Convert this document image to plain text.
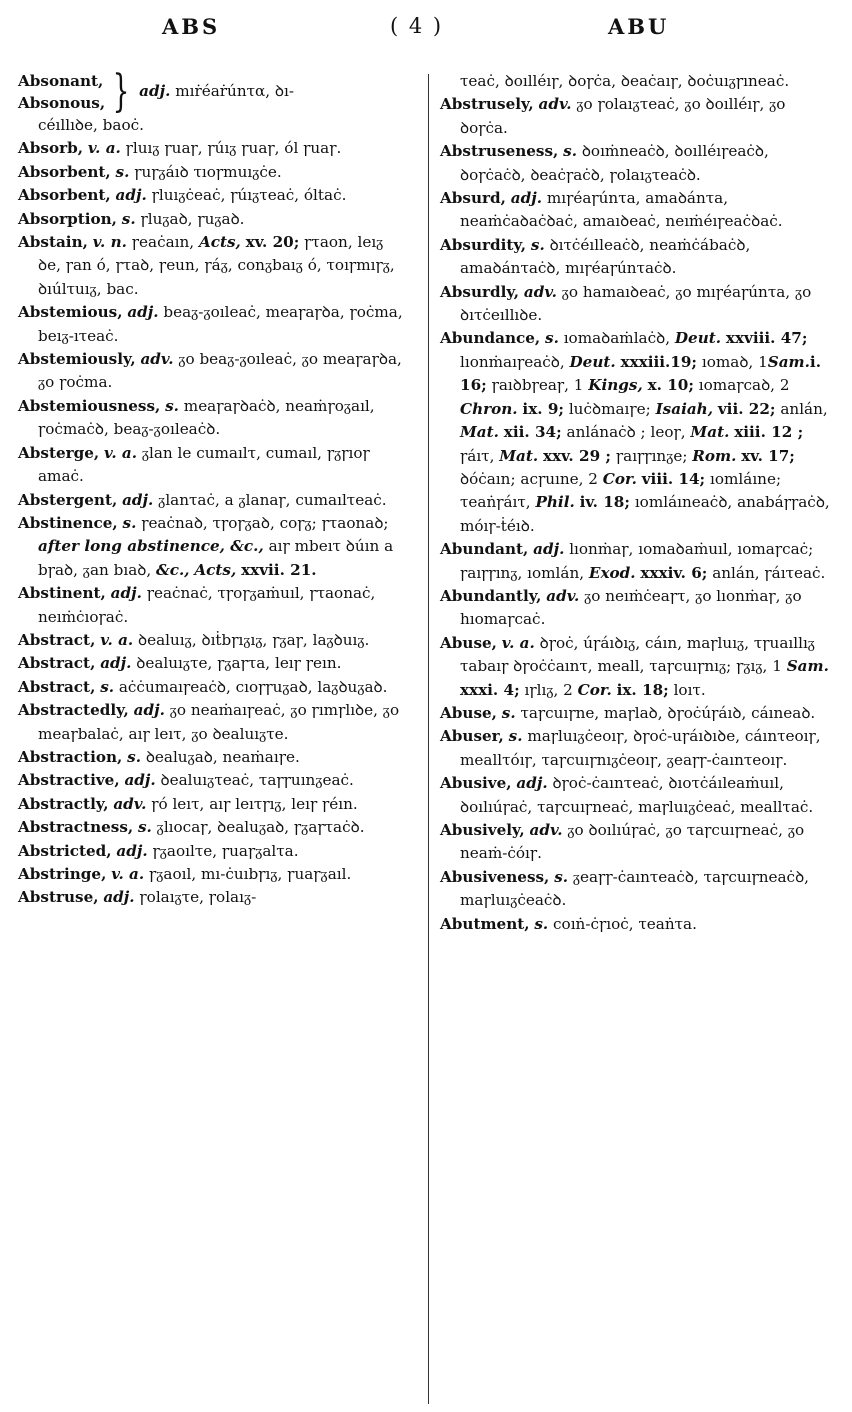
ABS	( 4 )	ABU

Absonant,
Absonous, } adj.
mıṙéaṙúnτα, ꝺı-
céıllıꝺe, baoċ.

Absorb, v. a. ꞅluıᵹ ꞅuaꞅ, ꞅúıᵹ ꞅuaꞅ, ól ꞅuaꞅ.

Absorbent, s. ꞅuꞅᵹáıꝺ τıoꞅmuıᵹċe.

Absorbent, adj. ꞅluıᵹċeaċ, ꞅúıᵹτeaċ, óltaċ.

Absorption, s. ꞅluᵹaꝺ, ꞅuᵹaꝺ.

Abstain, v. n. ꞅeaċaın, Acts, xv. 20; ꞅτaon, leıᵹ ꝺe, ꞅan ó, ꞅτaꝺ, ꞅeun, ꞅáᵹ, conᵹbaıᵹ ó, τoıꞅmıꞅᵹ, ꝺıúlτuıᵹ, bac.

Abstemious, adj. beaᵹ-ᵹoıleaċ, meaꞅaꞅꝺa, ꞅoċma, beıᵹ-ıτeaċ.

Abstemiously, adv. ᵹo beaᵹ-ᵹoıleaċ, ᵹo meaꞅaꞅꝺa, ᵹo ꞅoċma.

Abstemiousness, s. meaꞅaꞅꝺaċꝺ, neaṁꞅoᵹaıl, ꞅoċmaċꝺ, beaᵹ-ᵹoıleaċꝺ.

Absterge, v. a. ᵹlan le cumaılτ, cumaıl, ꞅᵹꞅıoꞅ amaċ.

Abstergent, adj. ᵹlanτaċ, a ᵹlanaꞅ, cumaılτeaċ.

Abstinence, s. ꞅeaċnaꝺ, τꞅoꞅᵹaꝺ, coꞅᵹ; ꞅτaonaꝺ; after long abstinence, &c., aıꞅ mbeıτ ꝺúın a bꞅaꝺ, ᵹan bıaꝺ, &c., Acts, xxvii. 21.

Abstinent, adj. ꞅeaċnaċ, τꞅoꞅᵹaṁuıl, ꞅτaonaċ, neıṁċıoꞅaċ.

Abstract, v. a. ꝺealuıᵹ, ꝺıṫbꞅıᵹıᵹ, ꞅᵹaꞅ, laᵹꝺuıᵹ.

Abstract, adj. ꝺealuıᵹτe, ꞅᵹaꞅτa, leıꞅ ꞅeın.

Abstract, s. aċċumaıꞅeaċꝺ, cıoꞅꞅuᵹaꝺ, laᵹꝺuᵹaꝺ.

Abstractedly, adj. ᵹo neaṁaıꞅeaċ, ᵹo ꞅımꞅlıꝺe, ᵹo meaꞅbalaċ, aıꞅ leıτ, ᵹo ꝺealuıᵹτe.

Abstraction, s. ꝺealuᵹaꝺ, neaṁaıꞅe.

Abstractive, adj. ꝺealuıᵹτeaċ, τaꞅꞅuınᵹeaċ.

Abstractly, adv. ꞅó leıτ, aıꞅ leıτꞅıᵹ, leıꞅ ꞅéın.

Abstractness, s. ᵹlıocaꞅ, ꝺealuᵹaꝺ, ꞅᵹaꞅτaċꝺ.

Abstricted, adj. ꞅᵹaoılτe, ꞅuaꞅᵹalτa.

Abstringe, v. a. ꞅᵹaoıl, mı-ċuıbꞅıᵹ, ꞅuaꞅᵹaıl.

Abstruse, adj. ꞅolaıᵹτe, ꞅolaıᵹ-

τeaċ, ꝺoılléıꞅ, ꝺoꞅċa, ꝺeaċaıꞅ, ꝺoċuıᵹꞅıneaċ.

Abstrusely, adv. ᵹo ꞅolaıᵹτeaċ, ᵹo ꝺoılléıꞅ, ᵹo ꝺoꞅċa.

Abstruseness, s. ꝺoıṁneaċꝺ, ꝺoılléıꞅeaċꝺ, ꝺoꞅċaċꝺ, ꝺeaċꞅaċꝺ, ꞅolaıᵹτeaċꝺ.

Absurd, adj. mıꞅéaꞅúnτa, amaꝺánτa, neaṁċaꝺaċꝺaċ, amaıꝺeaċ, neıṁéıꞅeaċꝺaċ.

Absurdity, s. ꝺıτċéılleaċꝺ, neaṁċábaċꝺ, amaꝺánτaċꝺ, mıꞅéaꞅúnτaċꝺ.

Absurdly, adv. ᵹo hamaıꝺeaċ, ᵹo mıꞅéaꞅúnτa, ᵹo ꝺıτċeıllıꝺe.

Abundance, s. ıomaꝺaṁlaċꝺ, Deut. xxviii. 47; lıonṁaıꞅeaċꝺ, Deut. xxxiii.19; ıomaꝺ, 1Sam.i. 16; ꞅaıꝺbꞅeaꞅ, 1 Kings, x. 10; ıomaꞅcaꝺ, 2 Chron. ix. 9; luċꝺmaıꞅe; Isaiah, vii. 22; anlán, Mat. xii. 34; anlánaċꝺ ; leoꞅ, Mat. xiii. 12 ; ꞅáıτ, Mat. xxv. 29 ; ꞅaıꞅꞅınᵹe; Rom. xv. 17; ꝺóċaın; acꞅuıne, 2 Cor. viii. 14; ıomláıne; τeaṅꞅáıτ, Phil. iv. 18; ıomláıneaċꝺ, anabáꞅꞅaċꝺ, móıꞅ-ṫéıꝺ.

Abundant, adj. lıonṁaꞅ, ıomaꝺaṁuıl, ıomaꞅcaċ; ꞅaıꞅꞅınᵹ, ıomlán, Exod. xxxiv. 6; anlán, ꞅáıτeaċ.

Abundantly, adv. ᵹo neıṁċeaꞅτ, ᵹo lıonṁaꞅ, ᵹo hıomaꞅcaċ.

Abuse, v. a. ꝺꞅoċ, úꞅáıꝺıᵹ, cáın, maꞅluıᵹ, τꞅuaıllıᵹ τabaıꞅ ꝺꞅoċċaınτ, meall, τaꞅcuıꞅnıᵹ; ꞅᵹıᵹ, 1 Sam. xxxi. 4; ıꞅlıᵹ, 2 Cor. ix. 18; loıτ.

Abuse, s. τaꞅcuıꞅne, maꞅlaꝺ, ꝺꞅoċúꞅáıꝺ, cáıneaꝺ.

Abuser, s. maꞅluıᵹċeoıꞅ, ꝺꞅoċ-uꞅáıꝺıꝺe, cáınτeoıꞅ, meallτóıꞅ, τaꞅcuıꞅnıᵹċeoıꞅ, ᵹeaꞅꞅ-ċaınτeoıꞅ.

Abusive, adj. ꝺꞅoċ-ċaınτeaċ, ꝺıoτċáıleaṁuıl, ꝺoılıúꞅaċ, τaꞅcuıꞅneaċ, maꞅluıᵹċeaċ, meallτaċ.

Abusively, adv. ᵹo ꝺoılıúꞅaċ, ᵹo τaꞅcuıꞅneaċ, ᵹo neaṁ-ċóıꞅ.

Abusiveness, s. ᵹeaꞅꞅ-ċaınτeaċꝺ, τaꞅcuıꞅneaċꝺ, maꞅluıᵹċeaċꝺ.

Abutment, s. coıṅ-ċꞅıoċ, τeaṅτa.
